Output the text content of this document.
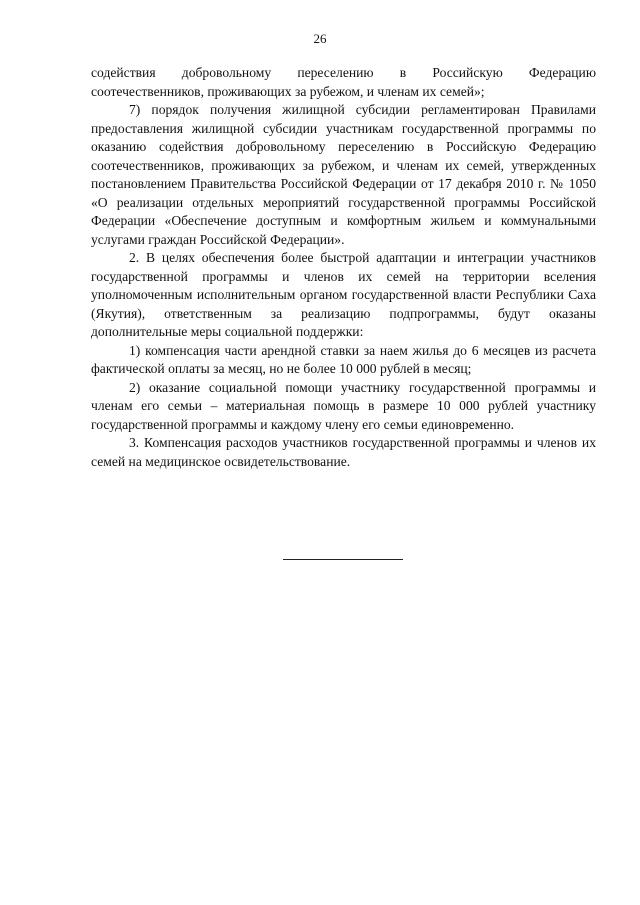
26

содействия добровольному переселению в Российскую Федерацию соотечественников, проживающих за рубежом, и членам их семей»;

7) порядок получения жилищной субсидии регламентирован Правилами предоставления жилищной субсидии участникам государственной программы по оказанию содействия добровольному переселению в Российскую Федерацию соотечественников, проживающих за рубежом, и членам их семей, утвержденных постановлением Правительства Российской Федерации от 17 декабря 2010 г. № 1050 «О реализации отдельных мероприятий государственной программы Российской Федерации «Обеспечение доступным и комфортным жильем и коммунальными услугами граждан Российской Федерации».

2. В целях обеспечения более быстрой адаптации и интеграции участников государственной программы и членов их семей на территории вселения уполномоченным исполнительным органом государственной власти Республики Саха (Якутия), ответственным за реализацию подпрограммы, будут оказаны дополнительные меры социальной поддержки:

1) компенсация части арендной ставки за наем жилья до 6 месяцев из расчета фактической оплаты за месяц, но не более 10 000 рублей в месяц;

2) оказание социальной помощи участнику государственной программы и членам его семьи – материальная помощь в размере 10 000 рублей участнику государственной программы и каждому члену его семьи единовременно.

3. Компенсация расходов участников государственной программы и членов их семей на медицинское освидетельствование.
